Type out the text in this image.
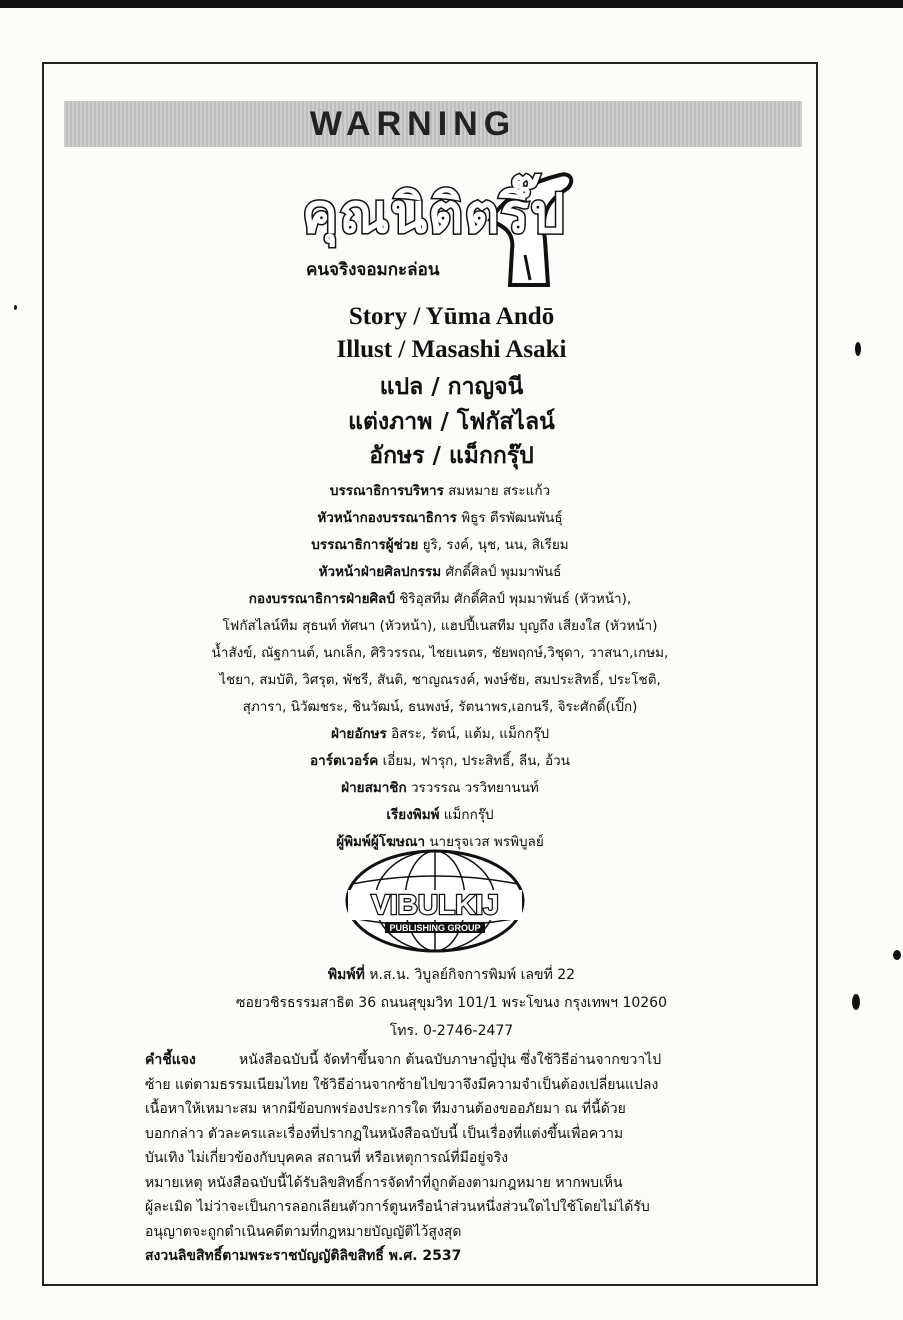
WARNING
คุณนิติตรึ๊ป
คนจริงจอมกะล่อน
Story / Yūma Andō
Illust / Masashi Asaki
แปล / กาญจนี
แต่งภาพ / โฟกัสไลน์
อักษร / แม็กกรุ๊ป
บรรณาธิการบริหาร สมหมาย สระแก้ว
หัวหน้ากองบรรณาธิการ พิธูร ตีรพัฒนพันธุ์
บรรณาธิการผู้ช่วย ยูริ, รงค์, นุช, นน, สิเรียม
หัวหน้าฝ่ายศิลปกรรม ศักดิ์ศิลป์ พุมมาพันธ์
กองบรรณาธิการฝ่ายศิลป์ ชิริอุสทีม ศักดิ์ศิลป์ พุมมาพันธ์ (หัวหน้า),
โฟกัสไลน์ทีม สุธนท์ ทัศนา (หัวหน้า), แฮปปี้เนสทีม บุญถึง เสียงใส (หัวหน้า)
น้ำสังข์, ณัฐกานต์, นกเล็ก, ศิริวรรณ, ไชยเนตร, ชัยพฤกษ์,วิชุดา, วาสนา,เกษม,
ไชยา, สมบัติ, วิศรุต, พัชรี, สันติ, ชาญณรงค์, พงษ์ชัย, สมประสิทธิ์, ประโชติ,
สุภารา, นิวัฒชระ, ชินวัฒน์, ธนพงษ์, รัตนาพร,เอกนรี, จิระศักดิ์(เปิ๊ก)
ฝ่ายอักษร อิสระ, รัตน์, แต้ม, แม็กกรุ๊ป
อาร์ตเวอร์ค เอี่ยม, ฟารุก, ประสิทธิ์, ลีน, อ้วน
ฝ่ายสมาชิก วรวรรณ วรวิทยานนท์
เรียงพิมพ์ แม็กกรุ๊ป
ผู้พิมพ์ผู้โฆษณา นายรุจเวส พรพิบูลย์
VIBULKIJ
PUBLISHING GROUP
พิมพ์ที่ ห.ส.น. วิบูลย์กิจการพิมพ์ เลขที่ 22
ซอยวชิรธรรมสาธิต 36 ถนนสุขุมวิท 101/1 พระโขนง กรุงเทพฯ 10260
โทร. 0-2746-2477
คำชี้แจง	หนังสือฉบับนี้ จัดทำขึ้นจาก ต้นฉบับภาษาญี่ปุ่น ซึ่งใช้วิธีอ่านจากขวาไป
ซ้าย แต่ตามธรรมเนียมไทย ใช้วิธีอ่านจากซ้ายไปขวาจึงมีความจำเป็นต้องเปลี่ยนแปลง
เนื้อหาให้เหมาะสม หากมีข้อบกพร่องประการใด ทีมงานต้องขออภัยมา ณ ที่นี้ด้วย
บอกกล่าว ตัวละครและเรื่องที่ปรากฏในหนังสือฉบับนี้ เป็นเรื่องที่แต่งขึ้นเพื่อความ
บันเทิง ไม่เกี่ยวข้องกับบุคคล สถานที่ หรือเหตุการณ์ที่มีอยู่จริง
หมายเหตุ หนังสือฉบับนี้ได้รับลิขสิทธิ์การจัดทำที่ถูกต้องตามกฎหมาย หากพบเห็น
ผู้ละเมิด ไม่ว่าจะเป็นการลอกเลียนตัวการ์ตูนหรือนำส่วนหนึ่งส่วนใดไปใช้โดยไม่ได้รับ
อนุญาตจะถูกดำเนินคดีตามที่กฎหมายบัญญัติไว้สูงสุด
สงวนลิขสิทธิ์ตามพระราชบัญญัติลิขสิทธิ์ พ.ศ. 2537
